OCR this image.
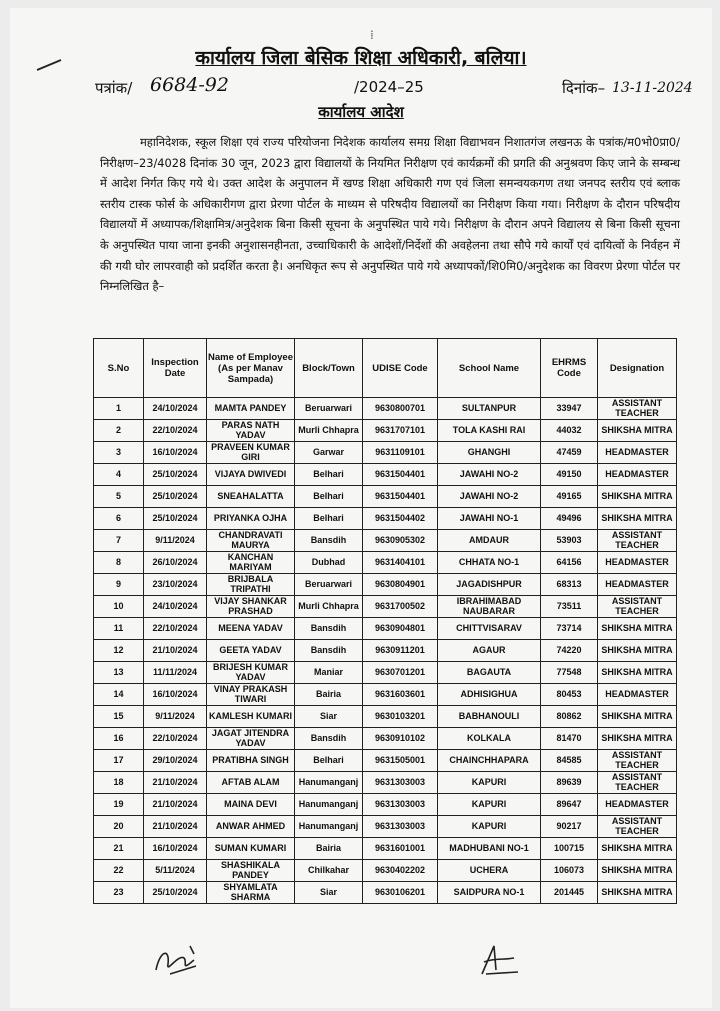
⁞
कार्यालय जिला बेसिक शिक्षा अधिकारी, बलिया।
पत्रांक/ 6684-92	/2024–25	दिनांक– 13-11-2024
कार्यालय आदेश

महानिदेशक, स्कूल शिक्षा एवं राज्य परियोजना निदेशक कार्यालय समग्र शिक्षा विद्याभवन निशातगंज लखनऊ के पत्रांक/म0भो0प्रा0/निरीक्षण–23/4028 दिनांक 30 जून, 2023 द्वारा विद्यालयों के नियमित निरीक्षण एवं कार्यक्रमों की प्रगति की अनुश्रवण किए जाने के सम्बन्ध में आदेश निर्गत किए गये थे। उक्त आदेश के अनुपालन में खण्ड शिक्षा अधिकारी गण एवं जिला समन्वयकगण तथा जनपद स्तरीय एवं ब्लाक स्तरीय टास्क फोर्स के अधिकारीगण द्वारा प्रेरणा पोर्टल के माध्यम से परिषदीय विद्यालयों का निरीक्षण किया गया। निरीक्षण के दौरान परिषदीय विद्यालयों में अध्यापक/शिक्षामित्र/अनुदेशक बिना किसी सूचना के अनुपस्थित पाये गये। निरीक्षण के दौरान अपने विद्यालय से बिना किसी सूचना के अनुपस्थित पाया जाना इनकी अनुशासनहीनता, उच्चाधिकारी के आदेशों/निर्देशों की अवहेलना तथा सौपे गये कार्यों एवं दायित्वों के निर्वहन में की गयी घोर लापरवाही को प्रदर्शित करता है। अनधिकृत रूप से अनुपस्थित पाये गये अध्यापकों/शि0मि0/अनुदेशक का विवरण प्रेरणा पोर्टल पर निम्नलिखित है–

S.No	Inspection Date	Name of Employee (As per Manav Sampada)	Block/Town	UDISE Code	School Name	EHRMS Code	Designation
1	24/10/2024	MAMTA PANDEY	Beruarwari	9630800701	SULTANPUR	33947	ASSISTANT TEACHER
2	22/10/2024	PARAS NATH YADAV	Murli Chhapra	9631707101	TOLA KASHI RAI	44032	SHIKSHA MITRA
3	16/10/2024	PRAVEEN KUMAR GIRI	Garwar	9631109101	GHANGHI	47459	HEADMASTER
4	25/10/2024	VIJAYA DWIVEDI	Belhari	9631504401	JAWAHI NO-2	49150	HEADMASTER
5	25/10/2024	SNEAHALATTA	Belhari	9631504401	JAWAHI NO-2	49165	SHIKSHA MITRA
6	25/10/2024	PRIYANKA OJHA	Belhari	9631504402	JAWAHI NO-1	49496	SHIKSHA MITRA
7	9/11/2024	CHANDRAVATI MAURYA	Bansdih	9630905302	AMDAUR	53903	ASSISTANT TEACHER
8	26/10/2024	KANCHAN MARIYAM	Dubhad	9631404101	CHHATA NO-1	64156	HEADMASTER
9	23/10/2024	BRIJBALA TRIPATHI	Beruarwari	9630804901	JAGADISHPUR	68313	HEADMASTER
10	24/10/2024	VIJAY SHANKAR PRASHAD	Murli Chhapra	9631700502	IBRAHIMABAD NAUBARAR	73511	ASSISTANT TEACHER
11	22/10/2024	MEENA YADAV	Bansdih	9630904801	CHITTVISARAV	73714	SHIKSHA MITRA
12	21/10/2024	GEETA YADAV	Bansdih	9630911201	AGAUR	74220	SHIKSHA MITRA
13	11/11/2024	BRIJESH KUMAR YADAV	Maniar	9630701201	BAGAUTA	77548	SHIKSHA MITRA
14	16/10/2024	VINAY PRAKASH TIWARI	Bairia	9631603601	ADHISIGHUA	80453	HEADMASTER
15	9/11/2024	KAMLESH KUMARI	Siar	9630103201	BABHANOULI	80862	SHIKSHA MITRA
16	22/10/2024	JAGAT JITENDRA YADAV	Bansdih	9630910102	KOLKALA	81470	SHIKSHA MITRA
17	29/10/2024	PRATIBHA SINGH	Belhari	9631505001	CHAINCHHAPARA	84585	ASSISTANT TEACHER
18	21/10/2024	AFTAB ALAM	Hanumanganj	9631303003	KAPURI	89639	ASSISTANT TEACHER
19	21/10/2024	MAINA DEVI	Hanumanganj	9631303003	KAPURI	89647	HEADMASTER
20	21/10/2024	ANWAR AHMED	Hanumanganj	9631303003	KAPURI	90217	ASSISTANT TEACHER
21	16/10/2024	SUMAN KUMARI	Bairia	9631601001	MADHUBANI NO-1	100715	SHIKSHA MITRA
22	5/11/2024	SHASHIKALA PANDEY	Chilkahar	9630402202	UCHERA	106073	SHIKSHA MITRA
23	25/10/2024	SHYAMLATA SHARMA	Siar	9630106201	SAIDPURA NO-1	201445	SHIKSHA MITRA
